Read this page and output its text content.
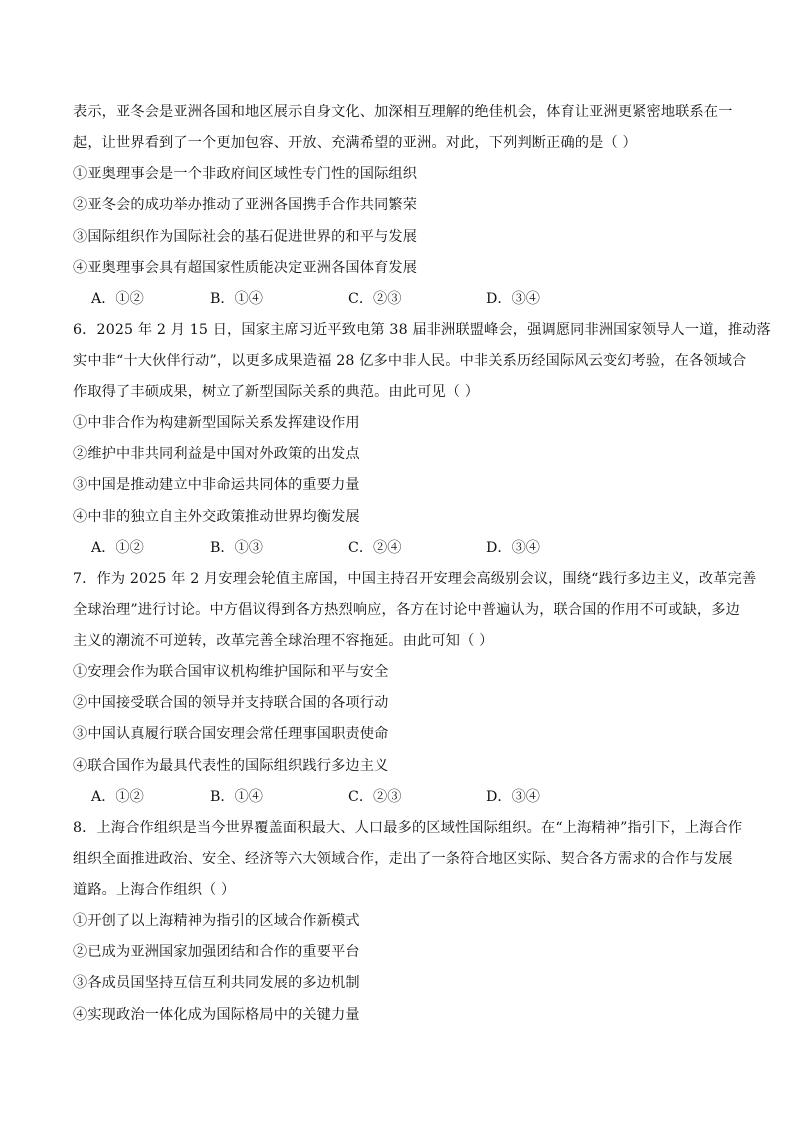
表示，亚冬会是亚洲各国和地区展示自身文化、加深相互理解的绝佳机会，体育让亚洲更紧密地联系在一
起，让世界看到了一个更加包容、开放、充满希望的亚洲。对此，下列判断正确的是（ ）
①亚奥理事会是一个非政府间区域性专门性的国际组织
②亚冬会的成功举办推动了亚洲各国携手合作共同繁荣
③国际组织作为国际社会的基石促进世界的和平与发展
④亚奥理事会具有超国家性质能决定亚洲各国体育发展
A．①②	B．①④	C．②③	D．③④
6．2025 年 2 月 15 日，国家主席习近平致电第 38 届非洲联盟峰会，强调愿同非洲国家领导人一道，推动落
实中非“十大伙伴行动”，以更多成果造福 28 亿多中非人民。中非关系历经国际风云变幻考验，在各领域合
作取得了丰硕成果，树立了新型国际关系的典范。由此可见（ ）
①中非合作为构建新型国际关系发挥建设作用
②维护中非共同利益是中国对外政策的出发点
③中国是推动建立中非命运共同体的重要力量
④中非的独立自主外交政策推动世界均衡发展
A．①②	B．①③	C．②④	D．③④
7．作为 2025 年 2 月安理会轮值主席国，中国主持召开安理会高级别会议，围绕“践行多边主义，改革完善
全球治理”进行讨论。中方倡议得到各方热烈响应，各方在讨论中普遍认为，联合国的作用不可或缺，多边
主义的潮流不可逆转，改革完善全球治理不容拖延。由此可知（ ）
①安理会作为联合国审议机构维护国际和平与安全
②中国接受联合国的领导并支持联合国的各项行动
③中国认真履行联合国安理会常任理事国职责使命
④联合国作为最具代表性的国际组织践行多边主义
A．①②	B．①④	C．②③	D．③④
8．上海合作组织是当今世界覆盖面积最大、人口最多的区域性国际组织。在“上海精神”指引下，上海合作
组织全面推进政治、安全、经济等六大领域合作，走出了一条符合地区实际、契合各方需求的合作与发展
道路。上海合作组织（ ）
①开创了以上海精神为指引的区域合作新模式
②已成为亚洲国家加强团结和合作的重要平台
③各成员国坚持互信互利共同发展的多边机制
④实现政治一体化成为国际格局中的关键力量
